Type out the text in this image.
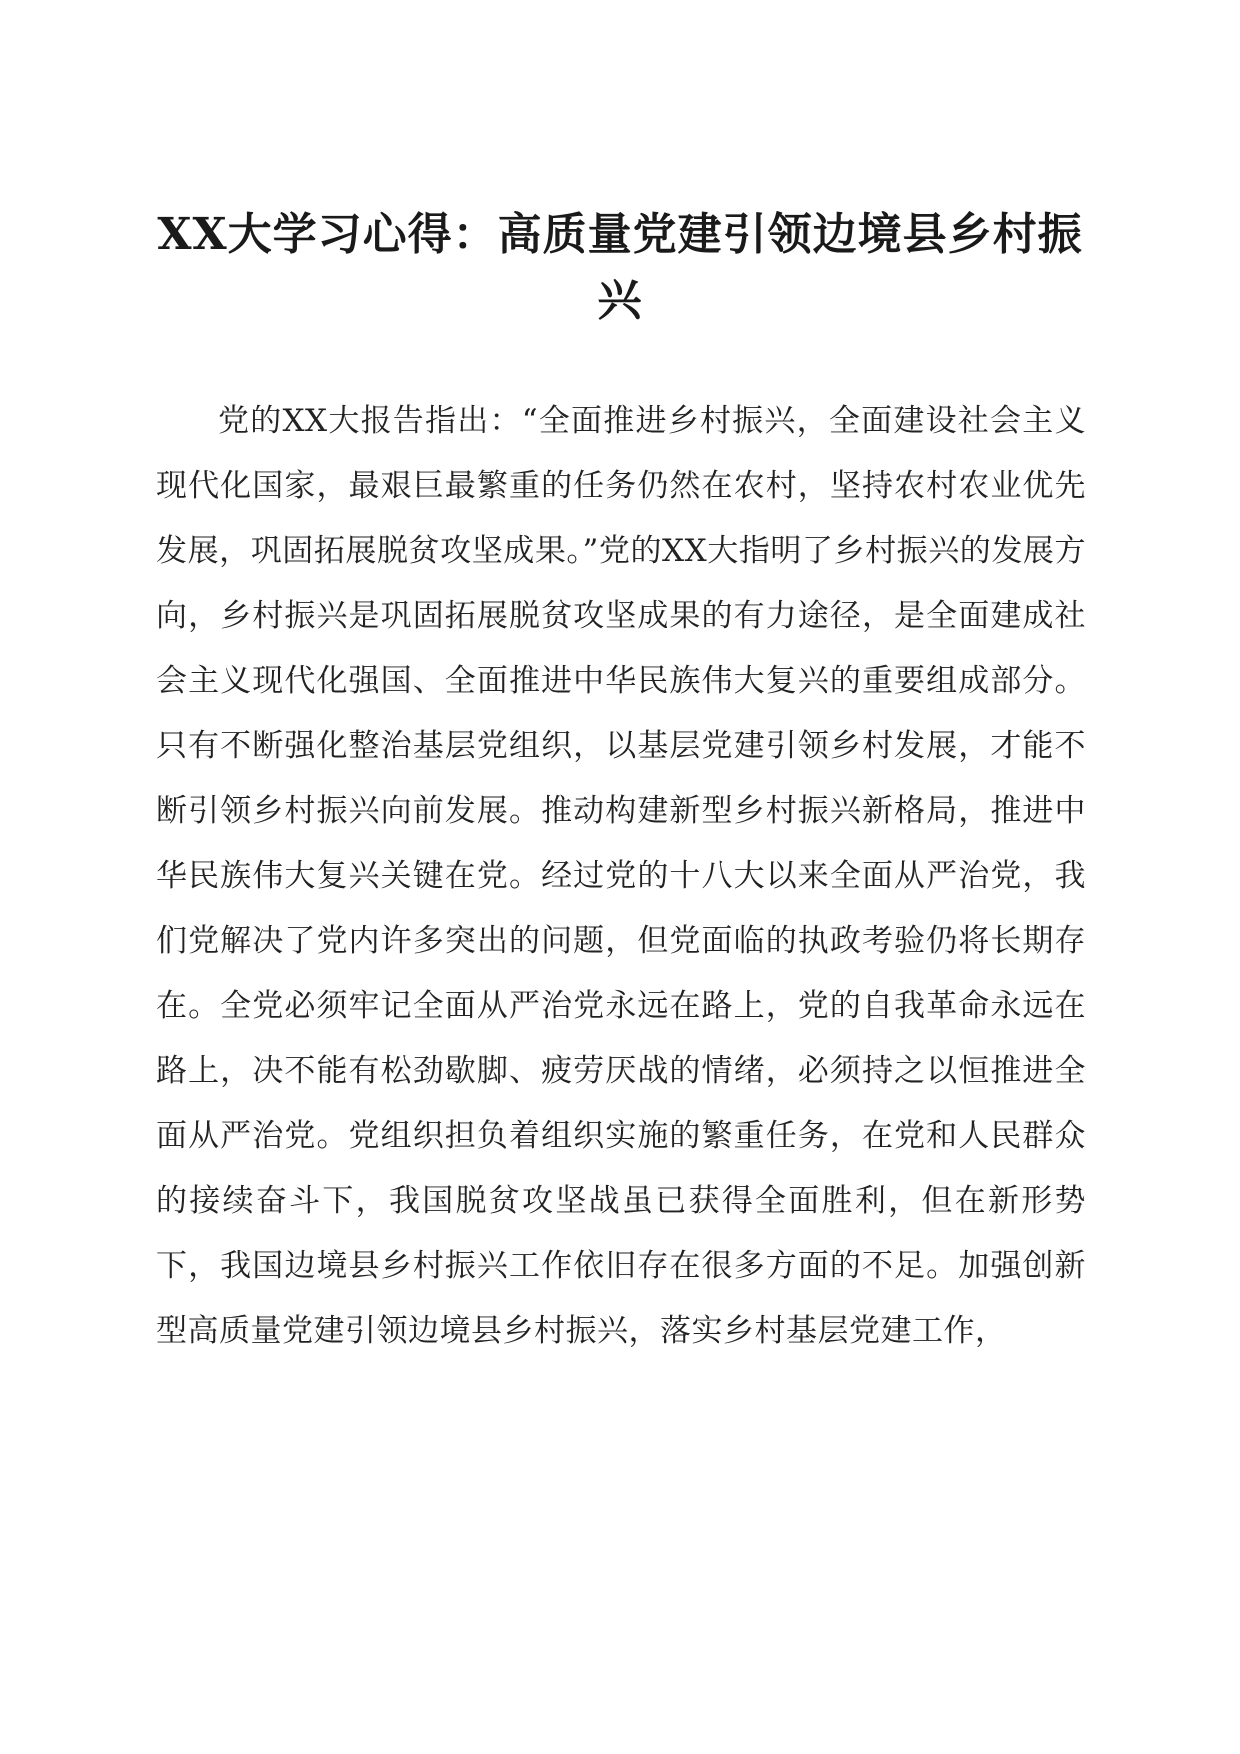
XX大学习心得：高质量党建引领边境县乡村振兴

党的XX大报告指出：“全面推进乡村振兴，全面建设社会主义现代化国家，最艰巨最繁重的任务仍然在农村，坚持农村农业优先发展，巩固拓展脱贫攻坚成果。”党的XX大指明了乡村振兴的发展方向，乡村振兴是巩固拓展脱贫攻坚成果的有力途径，是全面建成社会主义现代化强国、全面推进中华民族伟大复兴的重要组成部分。只有不断强化整治基层党组织，以基层党建引领乡村发展，才能不断引领乡村振兴向前发展。推动构建新型乡村振兴新格局，推进中华民族伟大复兴关键在党。经过党的十八大以来全面从严治党，我们党解决了党内许多突出的问题，但党面临的执政考验仍将长期存在。全党必须牢记全面从严治党永远在路上，党的自我革命永远在路上，决不能有松劲歇脚、疲劳厌战的情绪，必须持之以恒推进全面从严治党。党组织担负着组织实施的繁重任务，在党和人民群众的接续奋斗下，我国脱贫攻坚战虽已获得全面胜利，但在新形势下，我国边境县乡村振兴工作依旧存在很多方面的不足。加强创新型高质量党建引领边境县乡村振兴，落实乡村基层党建工作，
